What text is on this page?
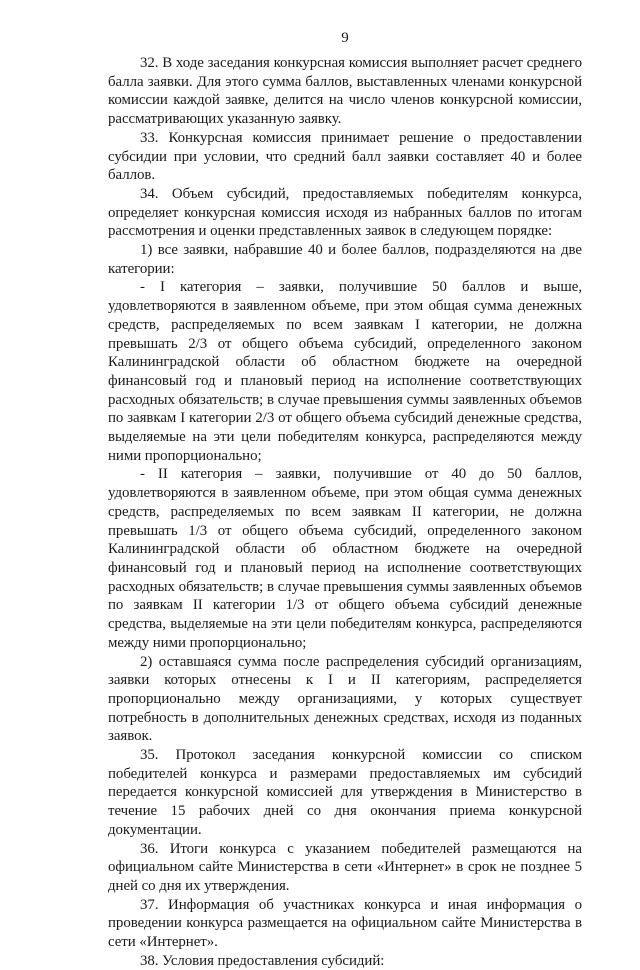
9

32. В ходе заседания конкурсная комиссия выполняет расчет среднего балла заявки. Для этого сумма баллов, выставленных членами конкурсной комиссии каждой заявке, делится на число членов конкурсной комиссии, рассматривающих указанную заявку.

33. Конкурсная комиссия принимает решение о предоставлении субсидии при условии, что средний балл заявки составляет 40 и более баллов.

34. Объем субсидий, предоставляемых победителям конкурса, определяет конкурсная комиссия исходя из набранных баллов по итогам рассмотрения и оценки представленных заявок в следующем порядке:

1) все заявки, набравшие 40 и более баллов, подразделяются на две категории:

- I категория – заявки, получившие 50 баллов и выше, удовлетворяются в заявленном объеме, при этом общая сумма денежных средств, распределяемых по всем заявкам I категории, не должна превышать 2/3 от общего объема субсидий, определенного законом Калининградской области об областном бюджете на очередной финансовый год и плановый период на исполнение соответствующих расходных обязательств; в случае превышения суммы заявленных объемов по заявкам I категории 2/3 от общего объема субсидий денежные средства, выделяемые на эти цели победителям конкурса, распределяются между ними пропорционально;

- II категория – заявки, получившие от 40 до 50 баллов, удовлетворяются в заявленном объеме, при этом общая сумма денежных средств, распределяемых по всем заявкам II категории, не должна превышать 1/3 от общего объема субсидий, определенного законом Калининградской области об областном бюджете на очередной финансовый год и плановый период на исполнение соответствующих расходных обязательств; в случае превышения суммы заявленных объемов по заявкам II категории 1/3 от общего объема субсидий денежные средства, выделяемые на эти цели победителям конкурса, распределяются между ними пропорционально;

2) оставшаяся сумма после распределения субсидий организациям, заявки которых отнесены к I и II категориям, распределяется пропорционально между организациями, у которых существует потребность в дополнительных денежных средствах, исходя из поданных заявок.

35. Протокол заседания конкурсной комиссии со списком победителей конкурса и размерами предоставляемых им субсидий передается конкурсной комиссией для утверждения в Министерство в течение 15 рабочих дней со дня окончания приема конкурсной документации.

36. Итоги конкурса с указанием победителей размещаются на официальном сайте Министерства в сети «Интернет» в срок не позднее 5 дней со дня их утверждения.

37. Информация об участниках конкурса и иная информация о проведении конкурса размещается на официальном сайте Министерства в сети «Интернет».

38. Условия предоставления субсидий:
